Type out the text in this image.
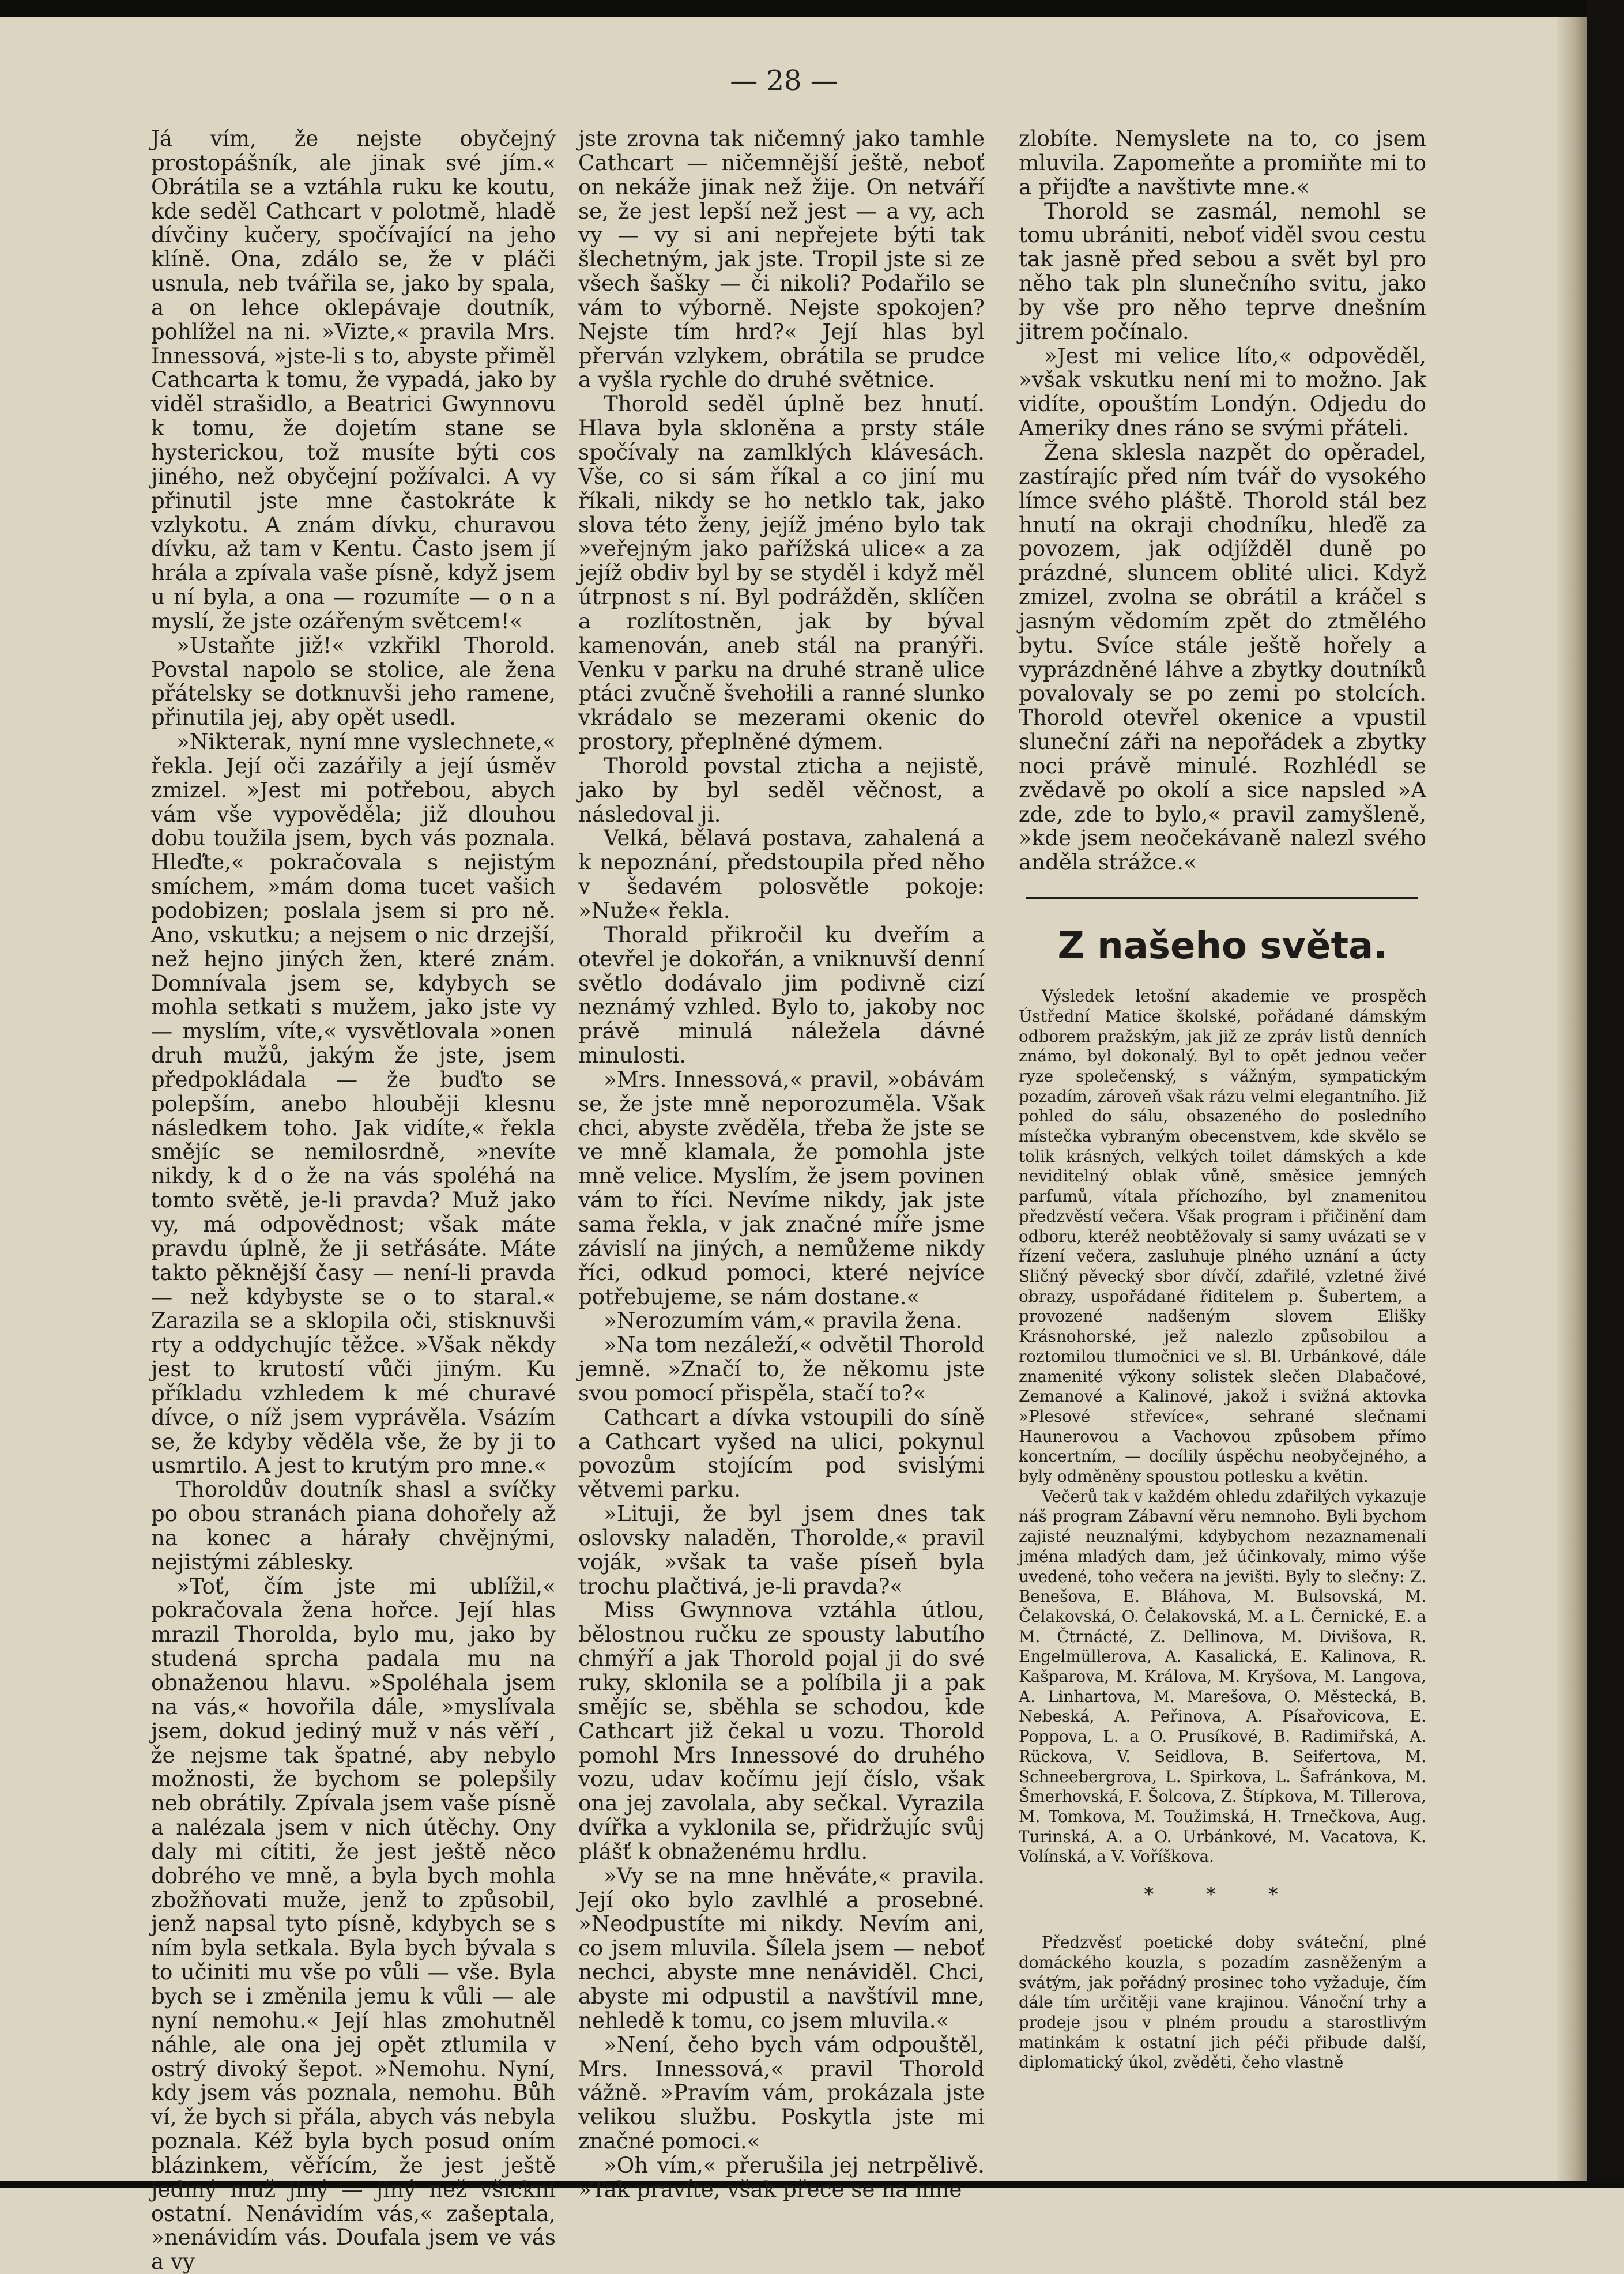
— 28 —

Já vím, že nejste obyčejný prostopášník, ale jinak své jím.« Obrátila se a vztáhla ruku ke koutu, kde seděl Cathcart v polotmě, hladě dívčiny kučery, spočívající na jeho klíně. Ona, zdálo se, že v pláči usnula, neb tvářila se, jako by spala, a on lehce oklepávaje doutník, pohlížel na ni. »Vizte,« pravila Mrs. Innessová, »jste-li s to, abyste přiměl Cathcarta k tomu, že vypadá, jako by viděl strašidlo, a Beatrici Gwynnovu k tomu, že dojetím stane se hysterickou, tož musíte býti cos jiného, než obyčejní požívalci. A vy přinutil jste mne častokráte k vzlykotu. A znám dívku, churavou dívku, až tam v Kentu. Často jsem jí hrála a zpívala vaše písně, když jsem u ní byla, a ona — rozumíte — o n a myslí, že jste ozářeným světcem!«

»Ustaňte již!« vzkřikl Thorold. Povstal napolo se stolice, ale žena přátelsky se dotknuvši jeho ramene, přinutila jej, aby opět usedl.

»Nikterak, nyní mne vyslechnete,« řekla. Její oči zazářily a její úsměv zmizel. »Jest mi potřebou, abych vám vše vypověděla; již dlouhou dobu toužila jsem, bych vás poznala. Hleďte,« pokračovala s nejistým smíchem, »mám doma tucet vašich podobizen; poslala jsem si pro ně. Ano, vskutku; a nejsem o nic drzejší, než hejno jiných žen, které znám. Domnívala jsem se, kdybych se mohla setkati s mužem, jako jste vy — myslím, víte,« vysvětlovala »onen druh mužů, jakým že jste, jsem předpokládala — že buďto se polepším, anebo hlouběji klesnu následkem toho. Jak vidíte,« řekla smějíc se nemilosrdně, »nevíte nikdy, k d o že na vás spoléhá na tomto světě, je-li pravda? Muž jako vy, má odpovědnost; však máte pravdu úplně, že ji setřásáte. Máte takto pěknější časy — není-li pravda — než kdybyste se o to staral.« Zarazila se a sklopila oči, stisknuvši rty a oddychujíc těžce. »Však někdy jest to krutostí vůči jiným. Ku příkladu vzhledem k mé churavé dívce, o níž jsem vyprávěla. Vsázím se, že kdyby věděla vše, že by ji to usmrtilo. A jest to krutým pro mne.«

Thoroldův doutník shasl a svíčky po obou stranách piana dohořely až na konec a hárały chvějnými, nejistými záblesky.

»Toť, čím jste mi ublížil,« pokračovala žena hořce. Její hlas mrazil Thorolda, bylo mu, jako by studená sprcha padala mu na obnaženou hlavu. »Spoléhala jsem na vás,« hovořila dále, »myslívala jsem, dokud jediný muž v nás věří , že nejsme tak špatné, aby nebylo možnosti, že bychom se polepšily neb obrátily. Zpívala jsem vaše písně a nalézala jsem v nich útěchy. Ony daly mi cítiti, že jest ještě něco dobrého ve mně, a byla bych mohla zbožňovati muže, jenž to způsobil, jenž napsal tyto písně, kdybych se s ním byla setkala. Byla bych bývala s to učiniti mu vše po vůli — vše. Byla bych se i změnila jemu k vůli — ale nyní nemohu.« Její hlas zmohutněl náhle, ale ona jej opět ztlumila v ostrý divoký šepot. »Nemohu. Nyní, kdy jsem vás poznala, nemohu. Bůh ví, že bych si přála, abych vás nebyla poznala. Kéž byla bych posud oním blázinkem, věřícím, že jest ještě jediný muž jiný — jiný než všickni ostatní. Nenávidím vás,« zašeptala, »nenávidím vás. Doufala jsem ve vás a vy

jste zrovna tak ničemný jako tamhle Cathcart — ničemnější ještě, neboť on nekáže jinak než žije. On netváří se, že jest lepší než jest — a vy, ach vy — vy si ani nepřejete býti tak šlechetným, jak jste. Tropil jste si ze všech šašky — či nikoli? Podařilo se vám to výborně. Nejste spokojen? Nejste tím hrd?« Její hlas byl přerván vzlykem, obrátila se prudce a vyšla rychle do druhé světnice.

Thorold seděl úplně bez hnutí. Hlava byla skloněna a prsty stále spočívaly na zamlklých klávesách. Vše, co si sám říkal a co jiní mu říkali, nikdy se ho netklo tak, jako slova této ženy, jejíž jméno bylo tak »veřejným jako pařížská ulice« a za jejíž obdiv byl by se styděl i když měl útrpnost s ní. Byl podrážděn, sklíčen a rozlítostněn, jak by býval kamenován, aneb stál na pranýři. Venku v parku na druhé straně ulice ptáci zvučně švehołili a ranné slunko vkrádalo se mezerami okenic do prostory, přeplněné dýmem.

Thorold povstal zticha a nejistě, jako by byl seděl věčnost, a následoval ji.

Velká, bělavá postava, zahalená a k nepoznání, předstoupila před něho v šedavém polosvětle pokoje: »Nuže« řekla.

Thorald přikročil ku dveřím a otevřel je dokořán, a vniknuvší denní světlo dodávalo jim podivně cizí neznámý vzhled. Bylo to, jakoby noc právě minulá náležela dávné minulosti.

»Mrs. Innessová,« pravil, »obávám se, že jste mně neporozuměla. Však chci, abyste zvěděla, třeba že jste se ve mně klamala, že pomohla jste mně velice. Myslím, že jsem povinen vám to říci. Nevíme nikdy, jak jste sama řekla, v jak značné míře jsme závislí na jiných, a nemůžeme nikdy říci, odkud pomoci, které nejvíce potřebujeme, se nám dostane.«

»Nerozumím vám,« pravila žena.

»Na tom nezáleží,« odvětil Thorold jemně. »Značí to, že někomu jste svou pomocí přispěla, stačí to?«

Cathcart a dívka vstoupili do síně a Cathcart vyšed na ulici, pokynul povozům stojícím pod svislými větvemi parku.

»Lituji, že byl jsem dnes tak oslovsky naladěn, Thorolde,« pravil voják, »však ta vaše píseň byla trochu plačtivá, je-li pravda?«

Miss Gwynnova vztáhla útlou, bělostnou ručku ze spousty labutího chmýří a jak Thorold pojal ji do své ruky, sklonila se a políbila ji a pak smějíc se, sběhla se schodou, kde Cathcart již čekal u vozu. Thorold pomohl Mrs Innessové do druhého vozu, udav kočímu její číslo, však ona jej zavolala, aby sečkal. Vyrazila dvířka a vyklonila se, přidržujíc svůj plášť k obnaženému hrdlu.

»Vy se na mne hněváte,« pravila. Její oko bylo zavlhlé a prosebné. »Neodpustíte mi nikdy. Nevím ani, co jsem mluvila. Šílela jsem — neboť nechci, abyste mne nenáviděl. Chci, abyste mi odpustil a navštívil mne, nehledě k tomu, co jsem mluvila.«

»Není, čeho bych vám odpouštěl, Mrs. Innessová,« pravil Thorold vážně. »Pravím vám, prokázala jste velikou službu. Poskytla jste mi značné pomoci.«

»Oh vím,« přerušila jej netrpělivě. »Tak pravíte, však přece se na mne

zlobíte. Nemyslete na to, co jsem mluvila. Zapomeňte a promiňte mi to a přijďte a navštivte mne.«

Thorold se zasmál, nemohl se tomu ubrániti, neboť viděl svou cestu tak jasně před sebou a svět byl pro něho tak pln slunečního svitu, jako by vše pro něho teprve dnešním jitrem počínalo.

»Jest mi velice líto,« odpověděl, »však vskutku není mi to možno. Jak vidíte, opouštím Londýn. Odjedu do Ameriky dnes ráno se svými přáteli.

Žena sklesla nazpět do opěradel, zastírajíc před ním tvář do vysokého límce svého pláště. Thorold stál bez hnutí na okraji chodníku, hleďě za povozem, jak odjížděl duně po prázdné, sluncem oblité ulici. Když zmizel, zvolna se obrátil a kráčel s jasným vědomím zpět do ztmělého bytu. Svíce stále ještě hořely a vyprázdněné láhve a zbytky doutníků povalovaly se po zemi po stolcích. Thorold otevřel okenice a vpustil sluneční záři na nepořádek a zbytky noci právě minulé. Rozhlédl se zvědavě po okolí a sice napsled »A zde, zde to bylo,« pravil zamyšleně, »kde jsem neočekávaně nalezl svého anděla strážce.«

Z našeho světa.

Výsledek letošní akademie ve prospěch Ústřední Matice školské, pořádané dámským odborem pražským, jak již ze zpráv listů denních známo, byl dokonalý. Byl to opět jednou večer ryze společenský, s vážným, sympatickým pozadím, zároveň však rázu velmi elegantního. Již pohled do sálu, obsazeného do posledního místečka vybraným obecenstvem, kde skvělo se tolik krásných, velkých toilet dámských a kde neviditelný oblak vůně, směsice jemných parfumů, vítala příchozího, byl znamenitou předzvěstí večera. Však program i přičinění dam odboru, kteréž neobtěžovaly si samy uvázati se v řízení večera, zasluhuje plného uznání a úcty Sličný pěvecký sbor dívčí, zdařilé, vzletné živé obrazy, uspořádané řiditelem p. Šubertem, a provozené nadšeným slovem Elišky Krásnohorské, jež nalezlo způsobilou a roztomilou tlumočnici ve sl. Bl. Urbánkové, dále znamenité výkony solistek slečen Dlabačové, Zemanové a Kalinové, jakož i svižná aktovka »Plesové střevíce«, sehrané slečnami Haunerovou a Vachovou způsobem přímo koncertním, — docílily úspěchu neobyčejného, a byly odměněny spoustou potlesku a květin.

Večerů tak v každém ohledu zdařilých vykazuje náš program Zábavní věru nemnoho. Byli bychom zajisté neuznalými, kdybychom nezaznamenali jména mladých dam, jež účinkovaly, mimo výše uvedené, toho večera na jevišti. Byly to slečny: Z. Benešova, E. Bláhova, M. Bulsovská, M. Čelakovská, O. Čelakovská, M. a L. Černické, E. a M. Čtrnácté, Z. Dellinova, M. Divišova, R. Engelmüllerova, A. Kasalická, E. Kalinova, R. Kašparova, M. Králova, M. Kryšova, M. Langova, A. Linhartova, M. Marešova, O. Městecká, B. Nebeská, A. Peřinova, A. Písařovicova, E. Poppova, L. a O. Prusíkové, B. Radimiřská, A. Rückova, V. Seidlova, B. Seifertova, M. Schneebergrova, L. Spirkova, L. Šafránkova, M. Šmerhovská, F. Šolcova, Z. Štípkova, M. Tillerova, M. Tomkova, M. Toužimská, H. Trnečkova, Aug. Turinská, A. a O. Urbánkové, M. Vacatova, K. Volínská, a V. Voříškova.

* * *

Předzvěsť poetické doby sváteční, plné domáckého kouzla, s pozadím zasněženým a svátým, jak pořádný prosinec toho vyžaduje, čím dále tím určitěji vane krajinou. Vánoční trhy a prodeje jsou v plném proudu a starostlivým matinkám k ostatní jich péči přibude další, diplomatický úkol, zvěděti, čeho vlastně
